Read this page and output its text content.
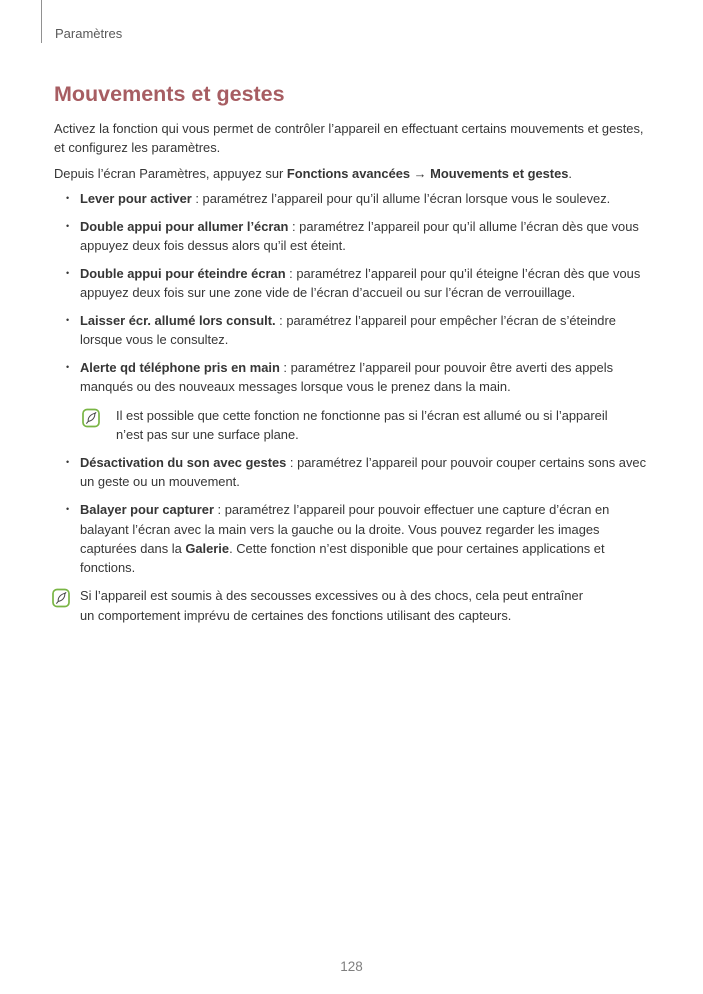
Paramètres
Mouvements et gestes

Activez la fonction qui vous permet de contrôler l’appareil en effectuant certains mouvements et gestes, et configurez les paramètres.

Depuis l’écran Paramètres, appuyez sur Fonctions avancées → Mouvements et gestes.

• Lever pour activer : paramétrez l’appareil pour qu’il allume l’écran lorsque vous le soulevez.

• Double appui pour allumer l’écran : paramétrez l’appareil pour qu’il allume l’écran dès que vous appuyez deux fois dessus alors qu’il est éteint.

• Double appui pour éteindre écran : paramétrez l’appareil pour qu’il éteigne l’écran dès que vous appuyez deux fois sur une zone vide de l’écran d’accueil ou sur l’écran de verrouillage.

• Laisser écr. allumé lors consult. : paramétrez l’appareil pour empêcher l’écran de s’éteindre lorsque vous le consultez.

• Alerte qd téléphone pris en main : paramétrez l’appareil pour pouvoir être averti des appels manqués ou des nouveaux messages lorsque vous le prenez dans la main.

Il est possible que cette fonction ne fonctionne pas si l’écran est allumé ou si l’appareil n’est pas sur une surface plane.

• Désactivation du son avec gestes : paramétrez l’appareil pour pouvoir couper certains sons avec un geste ou un mouvement.

• Balayer pour capturer : paramétrez l’appareil pour pouvoir effectuer une capture d’écran en balayant l’écran avec la main vers la gauche ou la droite. Vous pouvez regarder les images capturées dans la Galerie. Cette fonction n’est disponible que pour certaines applications et fonctions.

Si l’appareil est soumis à des secousses excessives ou à des chocs, cela peut entraîner un comportement imprévu de certaines des fonctions utilisant des capteurs.

128
